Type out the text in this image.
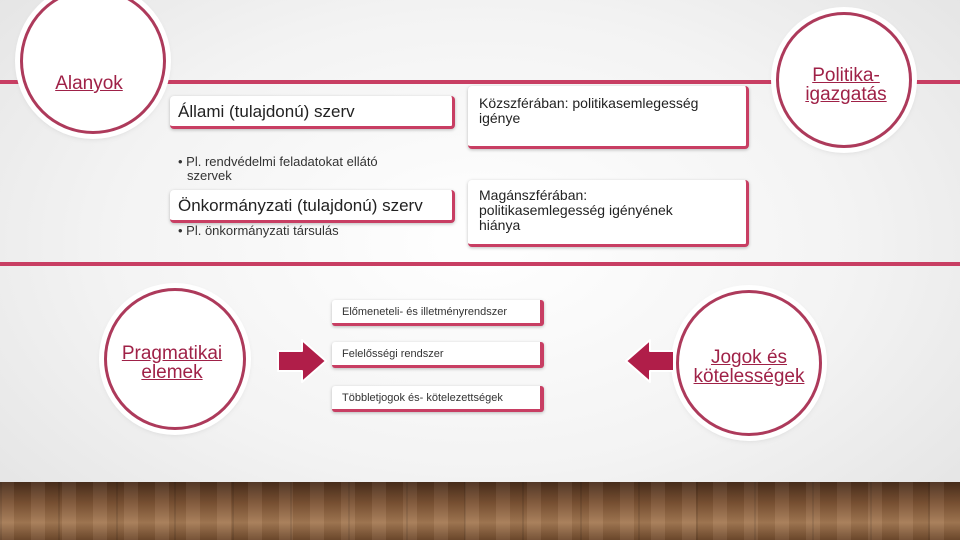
Alanyok	Politika-
igazgatás
Pragmatikai
elemek
Jogok és
kötelességek
Állami (tulajdonú) szerv
• Pl. rendvédelmi feladatokat ellátó
szervek
Önkormányzati (tulajdonú) szerv
• Pl. önkormányzati társulás
Közszférában: politikasemlegesség
igénye
Magánszférában:
politikasemlegesség igényének
hiánya
Előmeneteli- és illetményrendszer
Felelősségi rendszer
Többletjogok és- kötelezettségek
